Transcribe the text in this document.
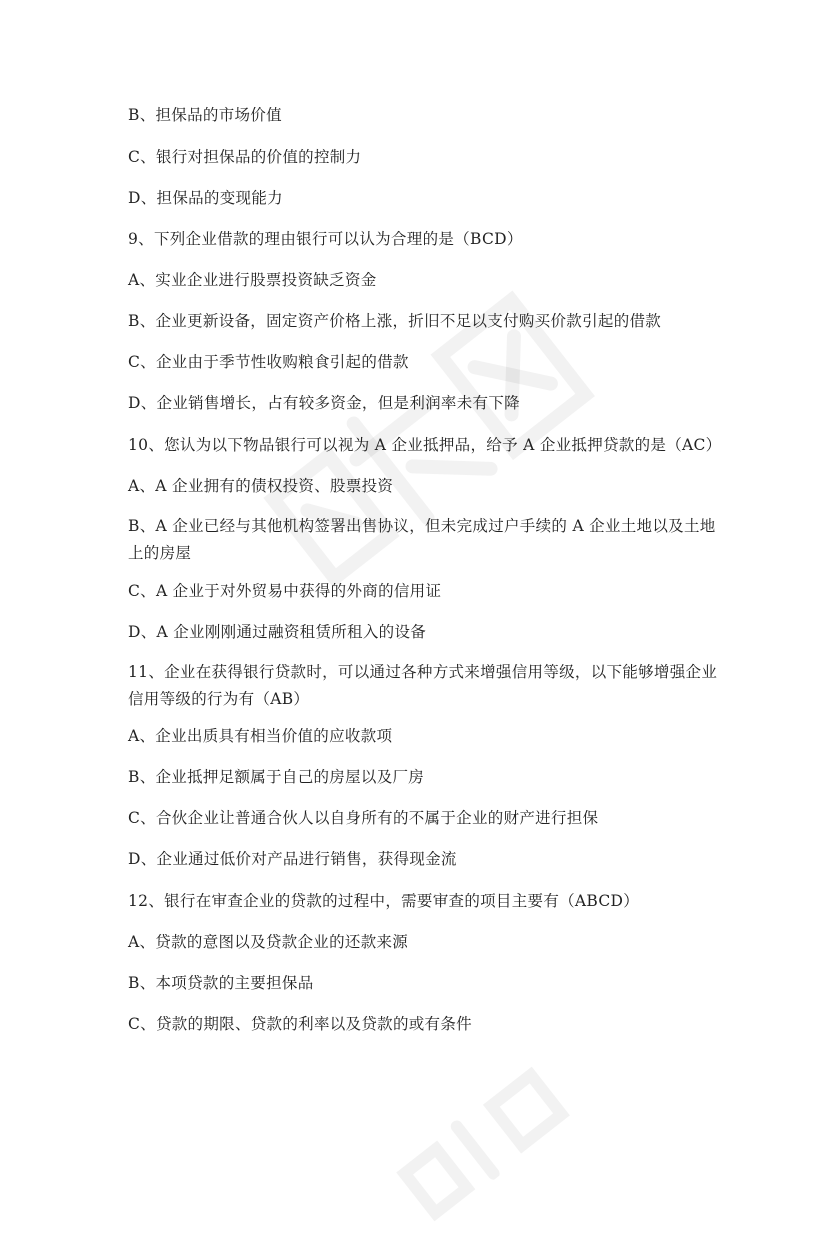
B、担保品的市场价值
C、银行对担保品的价值的控制力
D、担保品的变现能力
9、下列企业借款的理由银行可以认为合理的是（BCD）
A、实业企业进行股票投资缺乏资金
B、企业更新设备，固定资产价格上涨，折旧不足以支付购买价款引起的借款
C、企业由于季节性收购粮食引起的借款
D、企业销售增长，占有较多资金，但是利润率未有下降
10、您认为以下物品银行可以视为 A 企业抵押品，给予 A 企业抵押贷款的是（AC）
A、A 企业拥有的债权投资、股票投资
B、A 企业已经与其他机构签署出售协议，但未完成过户手续的 A 企业土地以及土地上的房屋
C、A 企业于对外贸易中获得的外商的信用证
D、A 企业刚刚通过融资租赁所租入的设备
11、企业在获得银行贷款时，可以通过各种方式来增强信用等级，以下能够增强企业信用等级的行为有（AB）
A、企业出质具有相当价值的应收款项
B、企业抵押足额属于自己的房屋以及厂房
C、合伙企业让普通合伙人以自身所有的不属于企业的财产进行担保
D、企业通过低价对产品进行销售，获得现金流
12、银行在审查企业的贷款的过程中，需要审查的项目主要有（ABCD）
A、贷款的意图以及贷款企业的还款来源
B、本项贷款的主要担保品
C、贷款的期限、贷款的利率以及贷款的或有条件
